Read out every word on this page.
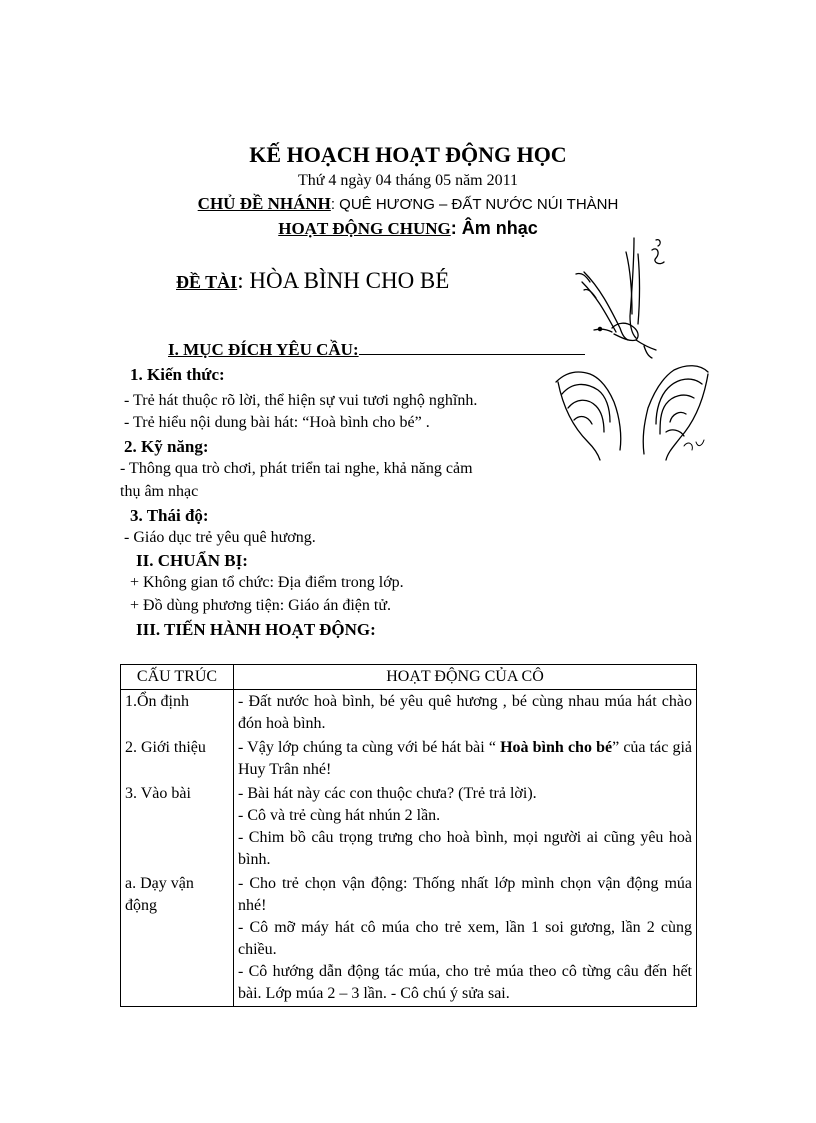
KẾ HOẠCH HOẠT ĐỘNG HỌC
Thứ 4 ngày 04 tháng 05 năm 2011
CHỦ ĐỀ NHÁNH: QUÊ HƯƠNG – ĐẤT NƯỚC NÚI THÀNH
HOẠT ĐỘNG CHUNG: Âm nhạc
ĐỀ TÀI: HÒA BÌNH CHO BÉ
I. MỤC ĐÍCH YÊU CẦU:
1. Kiến thức:
- Trẻ hát thuộc rõ lời, thể hiện sự vui tươi nghộ nghĩnh.
- Trẻ hiểu nội dung bài hát: “Hoà bình cho bé” .
2. Kỹ năng:
- Thông qua trò chơi, phát triển tai nghe, khả năng cảm
thụ âm nhạc
3. Thái độ:
- Giáo dục trẻ yêu quê hương.
II. CHUẨN BỊ:
+ Không gian tổ chức: Địa điểm trong lớp.
+ Đồ dùng phương tiện: Giáo án điện tử.
III. TIẾN HÀNH HOẠT ĐỘNG:
CẤU TRÚC	HOẠT ĐỘNG CỦA CÔ
1.Ổn định	- Đất nước hoà bình, bé yêu quê hương , bé cùng nhau múa hát chào đón hoà bình.
2. Giới thiệu	- Vậy lớp chúng ta cùng với bé hát bài “ Hoà bình cho bé” của tác giả Huy Trân nhé!
3. Vào bài	- Bài hát này các con thuộc chưa? (Trẻ trả lời).
- Cô và trẻ cùng hát nhún 2 lần.
- Chim bồ câu trọng trưng cho hoà bình, mọi người ai cũng yêu hoà bình.

a. Dạy vận động	- Cho trẻ chọn vận động: Thống nhất lớp mình chọn vận động múa nhé!
- Cô mỡ máy hát cô múa cho trẻ xem, lần 1 soi gương, lần 2 cùng chiều.
- Cô hướng dẫn động tác múa, cho trẻ múa theo cô từng câu đến hết bài. Lớp múa 2 – 3 lần. - Cô chú ý sửa sai.
